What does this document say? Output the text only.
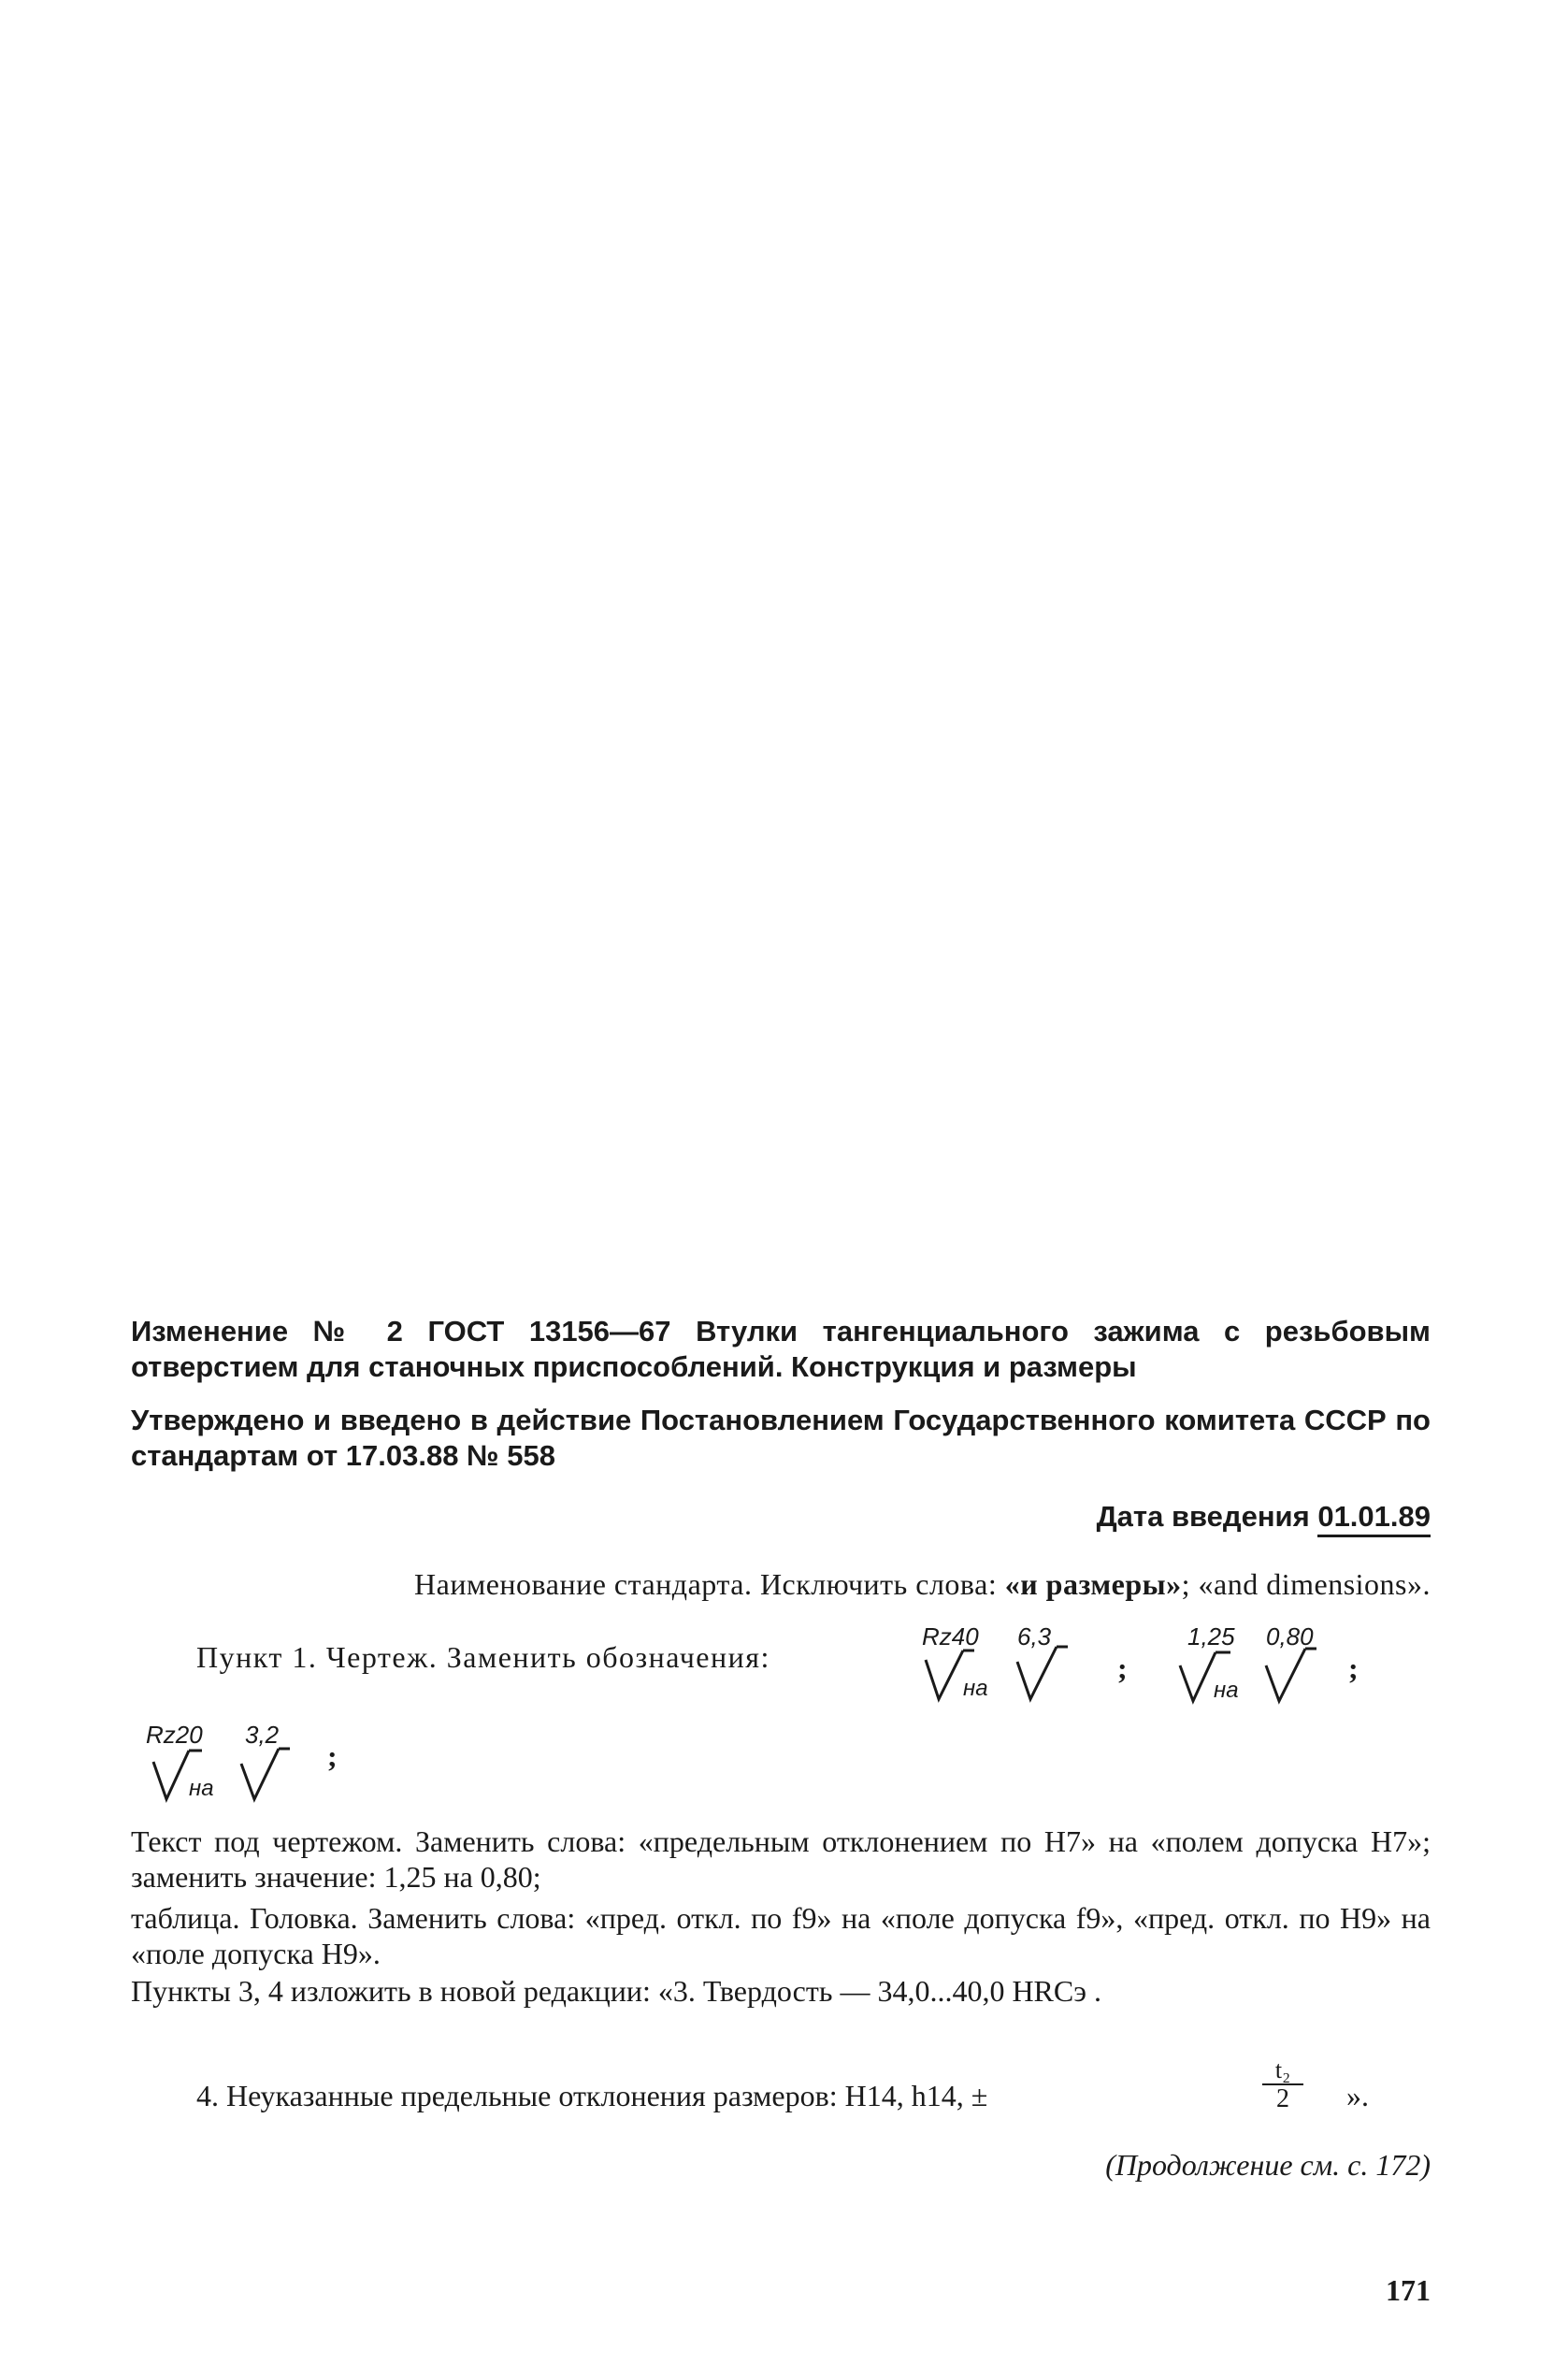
Изменение № 2 ГОСТ 13156—67 Втулки тангенциального зажима с резьбовым отверстием для станочных приспособлений. Конструкция и размеры
Утверждено и введено в действие Постановлением Государственного комитета СССР по стандартам от 17.03.88 № 558
Дата введения 01.01.89
Наименование стандарта. Исключить слова: «и размеры»; «and dimensions».
Пункт 1. Чертеж. Заменить обозначения:
Rz40 6,3
на
;
1,25 0,80
на
;
Rz20 3,2
на
;
Текст под чертежом. Заменить слова: «предельным отклонением по Н7» на «полем допуска Н7»; заменить значение: 1,25 на 0,80;
таблица. Головка. Заменить слова: «пред. откл. по f9» на «поле допуска f9», «пред. откл. по Н9» на «поле допуска Н9».
Пункты 3, 4 изложить в новой редакции: «3. Твердость — 34,0...40,0 HRCэ .
4. Неуказанные предельные отклонения размеров: Н14, h14, ±	$\frac{\text{t₂}}{2}$ ».
(Продолжение см. с. 172)
171
